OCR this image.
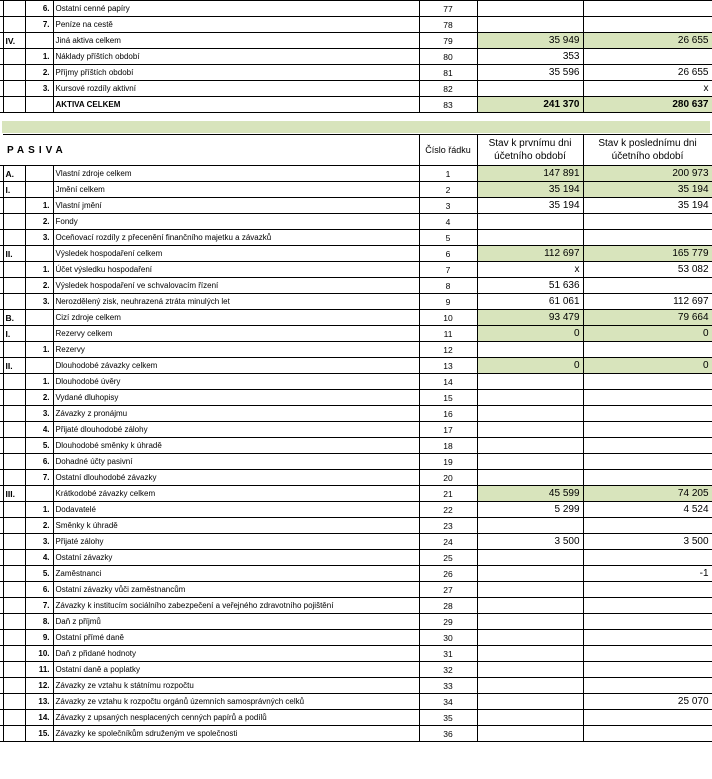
		6.	Ostatní cenné papíry	77		
		7.	Peníze na cestě	78		
	IV.		Jiná aktiva celkem	79	35 949	26 655
		1.	Náklady příštích období	80	353	
		2.	Příjmy příštích období	81	35 596	26 655
		3.	Kursové rozdíly aktivní	82		x
			AKTIVA CELKEM	83	241 370	280 637
	PASIVA			Číslo řádku	Stav k prvnímu dni účetního období	Stav k poslednímu dni účetního období
	A.		Vlastní zdroje celkem	1	147 891	200 973
	I.		Jmění celkem	2	35 194	35 194
		1.	Vlastní jmění	3	35 194	35 194
		2.	Fondy	4		
		3.	Oceňovací rozdíly z přecenění finančního majetku a závazků	5		
	II.		Výsledek hospodaření celkem	6	112 697	165 779
		1.	Účet výsledku hospodaření	7	x	53 082
		2.	Výsledek hospodaření ve schvalovacím řízení	8	51 636	
		3.	Nerozdělený zisk, neuhrazená ztráta minulých let	9	61 061	112 697
	B.		Cizí zdroje celkem	10	93 479	79 664
	I.		Rezervy celkem	11	0	0
		1.	Rezervy	12		
	II.		Dlouhodobé závazky celkem	13	0	0
		1.	Dlouhodobé úvěry	14		
		2.	Vydané dluhopisy	15		
		3.	Závazky z pronájmu	16		
		4.	Přijaté dlouhodobé zálohy	17		
		5.	Dlouhodobé směnky k úhradě	18		
		6.	Dohadné účty pasivní	19		
		7.	Ostatní dlouhodobé závazky	20		
	III.		Krátkodobé závazky celkem	21	45 599	74 205
		1.	Dodavatelé	22	5 299	4 524
		2.	Směnky k úhradě	23		
		3.	Přijaté zálohy	24	3 500	3 500
		4.	Ostatní závazky	25		
		5.	Zaměstnanci	26		-1
		6.	Ostatní závazky vůči zaměstnancům	27		
		7.	Závazky k institucím sociálního zabezpečení a veřejného zdravotního pojištění	28		
		8.	Daň z příjmů	29		
		9.	Ostatní přímé daně	30		
		10.	Daň z přidané hodnoty	31		
		11.	Ostatní daně a poplatky	32		
		12.	Závazky ze vztahu k státnímu rozpočtu	33		
		13.	Závazky ze vztahu k rozpočtu orgánů územních samosprávných celků	34		25 070
		14.	Závazky z upsaných nesplacených cenných papírů a podílů	35		
		15.	Závazky ke společníkům sdruženým ve společnosti	36		
